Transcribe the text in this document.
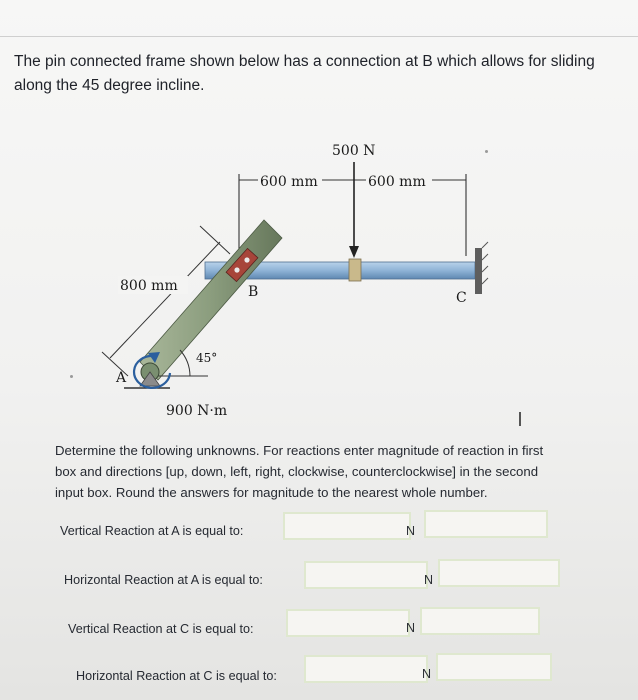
The pin connected frame shown below has a connection at B which allows for sliding
along the 45 degree incline.
600 mm	600 mm
500 N
C
B
800 mm
45°
A
900 N·m
Determine the following unknowns. For reactions enter magnitude of reaction in first
box and directions [up, down, left, right, clockwise, counterclockwise] in the second
input box. Round the answers for magnitude to the nearest whole number.
Vertical Reaction at A is equal to:	N
Horizontal Reaction at A is equal to:	N
Vertical Reaction at C is equal to:	N
Horizontal Reaction at C is equal to:	N
